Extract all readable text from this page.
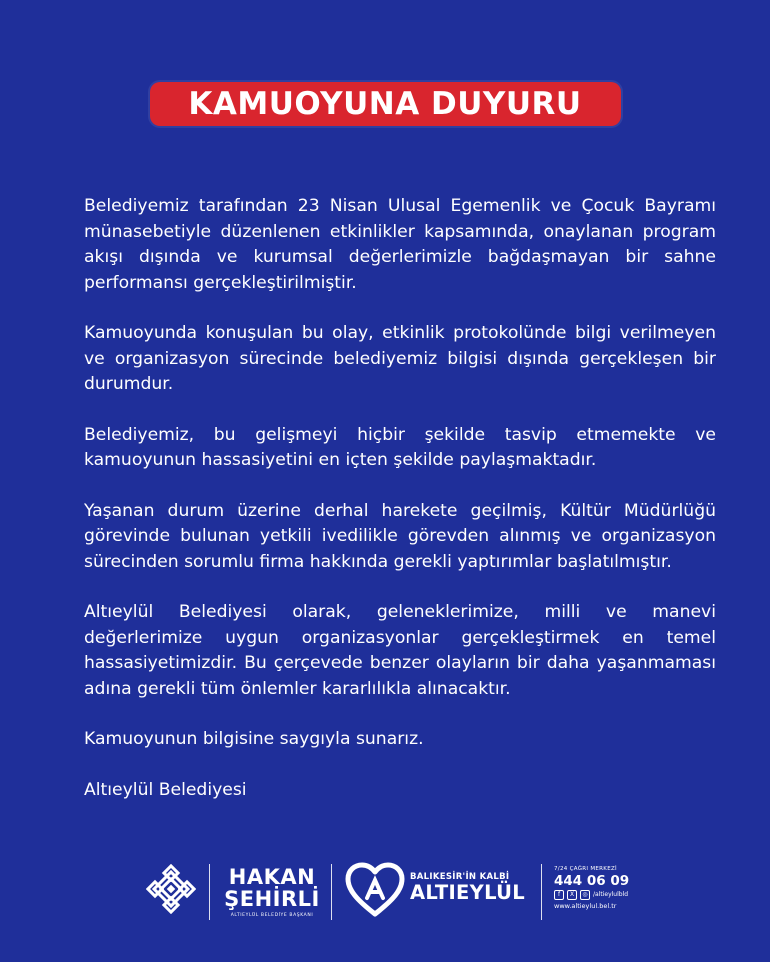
KAMUOYUNA DUYURU

Belediyemiz tarafından 23 Nisan Ulusal Egemenlik ve Çocuk Bayramı münasebetiyle düzenlenen etkinlikler kapsamında, onaylanan program akışı dışında ve kurumsal değerlerimizle bağdaşmayan bir sahne performansı gerçekleştirilmiştir.

Kamuoyunda konuşulan bu olay, etkinlik protokolünde bilgi verilmeyen ve organizasyon sürecinde belediyemiz bilgisi dışında gerçekleşen bir durumdur.

Belediyemiz, bu gelişmeyi hiçbir şekilde tasvip etmemekte ve kamuoyunun hassasiyetini en içten şekilde paylaşmaktadır.

Yaşanan durum üzerine derhal harekete geçilmiş, Kültür Müdürlüğü görevinde bulunan yetkili ivedilikle görevden alınmış ve organizasyon sürecinden sorumlu firma hakkında gerekli yaptırımlar başlatılmıştır.

Altıeylül Belediyesi olarak, geleneklerimize, milli ve manevi değerlerimize uygun organizasyonlar gerçekleştirmek en temel hassasiyetimizdir. Bu çerçevede benzer olayların bir daha yaşanmaması adına gerekli tüm önlemler kararlılıkla alınacaktır.

Kamuoyunun bilgisine saygıyla sunarız.

Altıeylül Belediyesi

HAKAN
ŞEHİRLİ
ALTIEYLÜL BELEDİYE BAŞKANI
BALIKESİR'İN KALBİ
ALTIEYLÜL
7/24 ÇAĞRI MERKEZİ
444 06 09
f	X	◎ /altieylulbld
www.altieylul.bel.tr
